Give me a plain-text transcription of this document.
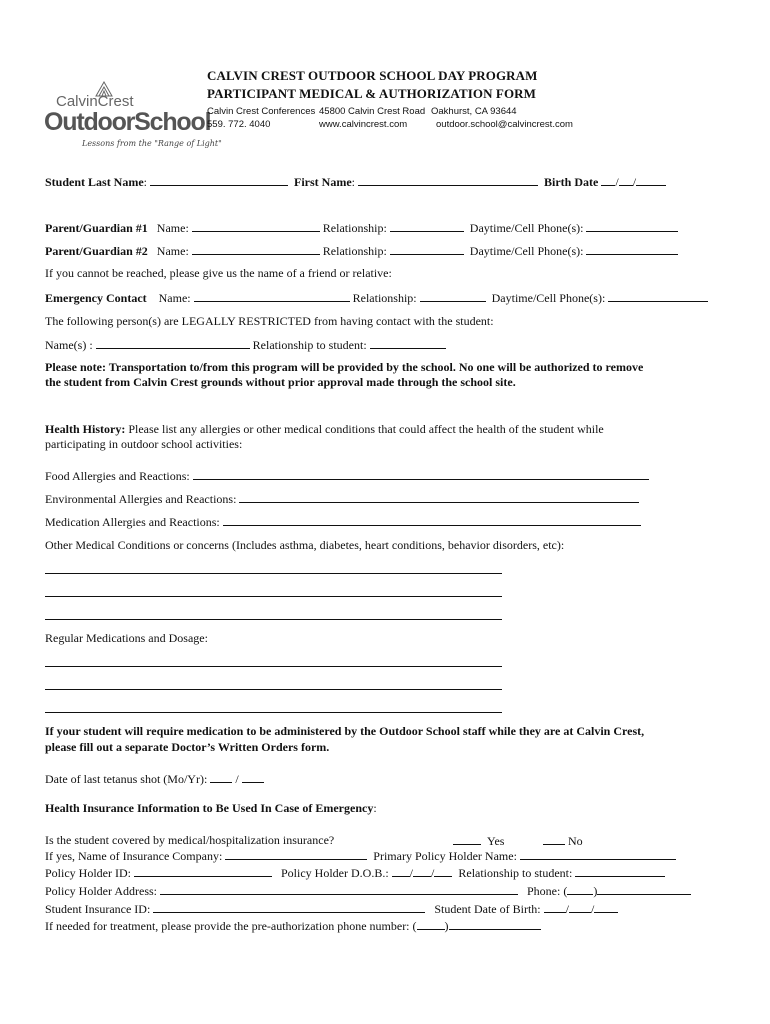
CalvinCrest
OutdoorSchool
Lessons from the "Range of Light"
CALVIN CREST OUTDOOR SCHOOL DAY PROGRAM
PARTICIPANT MEDICAL & AUTHORIZATION FORM
Calvin Crest Conferences 45800 Calvin Crest Road Oakhurst, CA 93644
559. 772. 4040	www.calvincrest.com	outdoor.school@calvincrest.com
Student Last Name:	First Name:	Birth Date / /
Parent/Guardian #1 Name:	Relationship:	Daytime/Cell Phone(s):
Parent/Guardian #2 Name:	Relationship:	Daytime/Cell Phone(s):
If you cannot be reached, please give us the name of a friend or relative:
Emergency Contact Name:	Relationship:	Daytime/Cell Phone(s):
The following person(s) are LEGALLY RESTRICTED from having contact with the student:
Name(s) :	Relationship to student:
Please note: Transportation to/from this program will be provided by the school. No one will be authorized to remove
the student from Calvin Crest grounds without prior approval made through the school site.
Health History: Please list any allergies or other medical conditions that could affect the health of the student while
participating in outdoor school activities:
Food Allergies and Reactions:
Environmental Allergies and Reactions:
Medication Allergies and Reactions:
Other Medical Conditions or concerns (Includes asthma, diabetes, heart conditions, behavior disorders, etc):
Regular Medications and Dosage:
If your student will require medication to be administered by the Outdoor School staff while they are at Calvin Crest,
please fill out a separate Doctor’s Written Orders form.
Date of last tetanus shot (Mo/Yr): /
Health Insurance Information to Be Used In Case of Emergency:
Is the student covered by medical/hospitalization insurance?	Yes	No
If yes, Name of Insurance Company:	Primary Policy Holder Name:
Policy Holder ID:	Policy Holder D.O.B.: / / Relationship to student:
Policy Holder Address:	Phone: ( )
Student Insurance ID:	Student Date of Birth: / /
If needed for treatment, please provide the pre-authorization phone number: ( )
